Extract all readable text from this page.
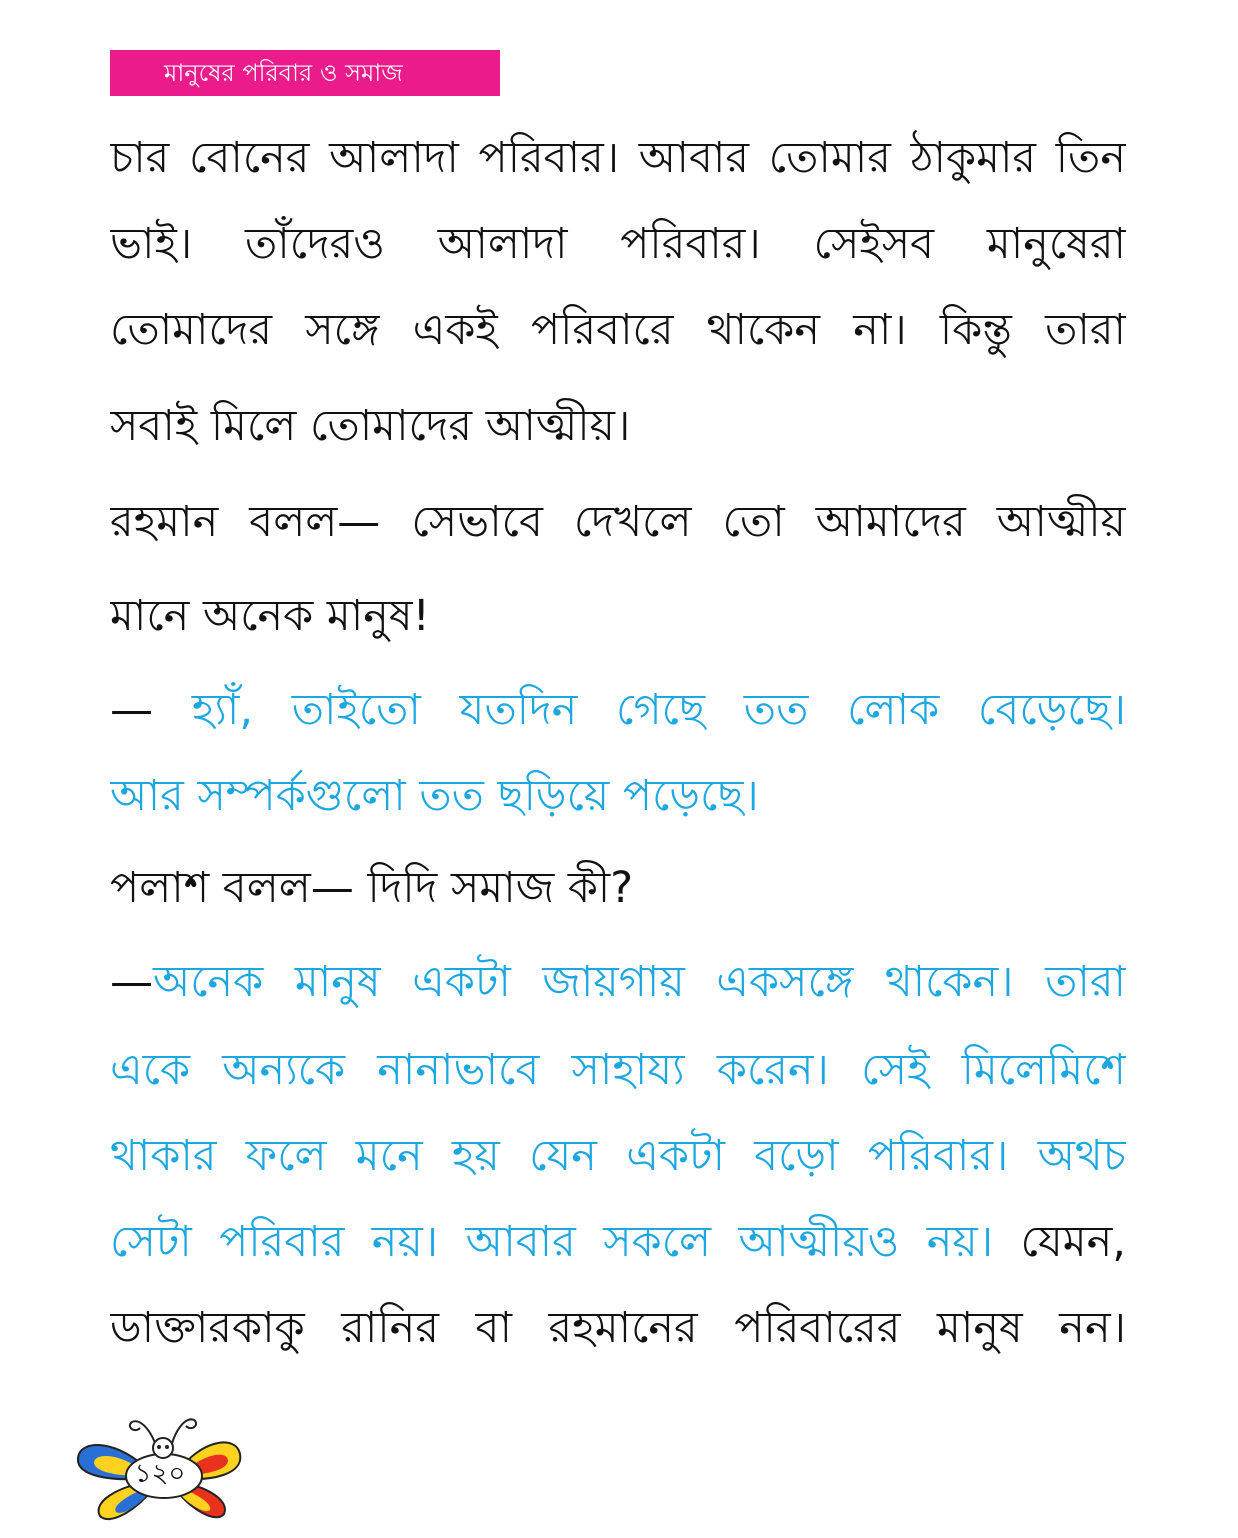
মানুষের পরিবার ও সমাজ
চার বোনের আলাদা পরিবার। আবার তোমার ঠাকুমার তিন
ভাই। তাঁদেরও আলাদা পরিবার। সেইসব মানুষেরা
তোমাদের সঙ্গে একই পরিবারে থাকেন না। কিন্তু তারা
সবাই মিলে তোমাদের আত্মীয়।
রহমান বলল— সেভাবে দেখলে তো আমাদের আত্মীয়
মানে অনেক মানুষ!
— হ্যাঁ, তাইতো যতদিন গেছে তত লোক বেড়েছে।
আর সম্পর্কগুলো তত ছড়িয়ে পড়েছে।
পলাশ বলল— দিদি সমাজ কী?
—অনেক মানুষ একটা জায়গায় একসঙ্গে থাকেন। তারা
একে অন্যকে নানাভাবে সাহায্য করেন। সেই মিলেমিশে
থাকার ফলে মনে হয় যেন একটা বড়ো পরিবার। অথচ
সেটা পরিবার নয়। আবার সকলে আত্মীয়ও নয়। যেমন,
ডাক্তারকাকু রানির বা রহমানের পরিবারের মানুষ নন।
১২০
